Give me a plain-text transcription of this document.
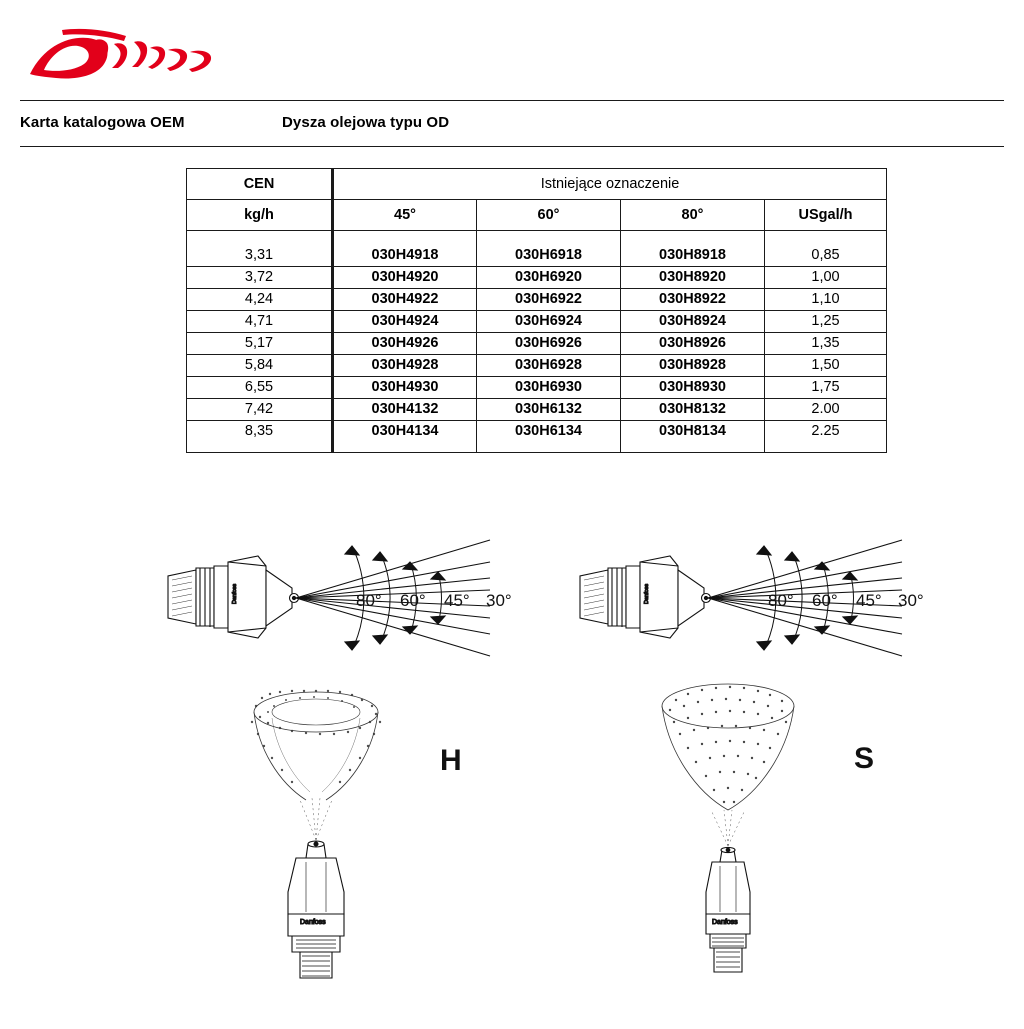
Karta katalogowa OEM	Dysza olejowa typu OD
CEN	Istniejące oznaczenie			
kg/h	45°	60°	80°	USgal/h
3,31	030H4918	030H6918	030H8918	0,85
3,72	030H4920	030H6920	030H8920	1,00
4,24	030H4922	030H6922	030H8922	1,10
4,71	030H4924	030H6924	030H8924	1,25
5,17	030H4926	030H6926	030H8926	1,35
5,84	030H4928	030H6928	030H8928	1,50
6,55	030H4930	030H6930	030H8930	1,75
7,42	030H4132	030H6132	030H8132	2.00
8,35	030H4134	030H6134	030H8134	2.25
Danfoss	80° 60° 45° 30°
H
Danfoss
Danfoss	80° 60° 45° 30°
S
Danfoss
